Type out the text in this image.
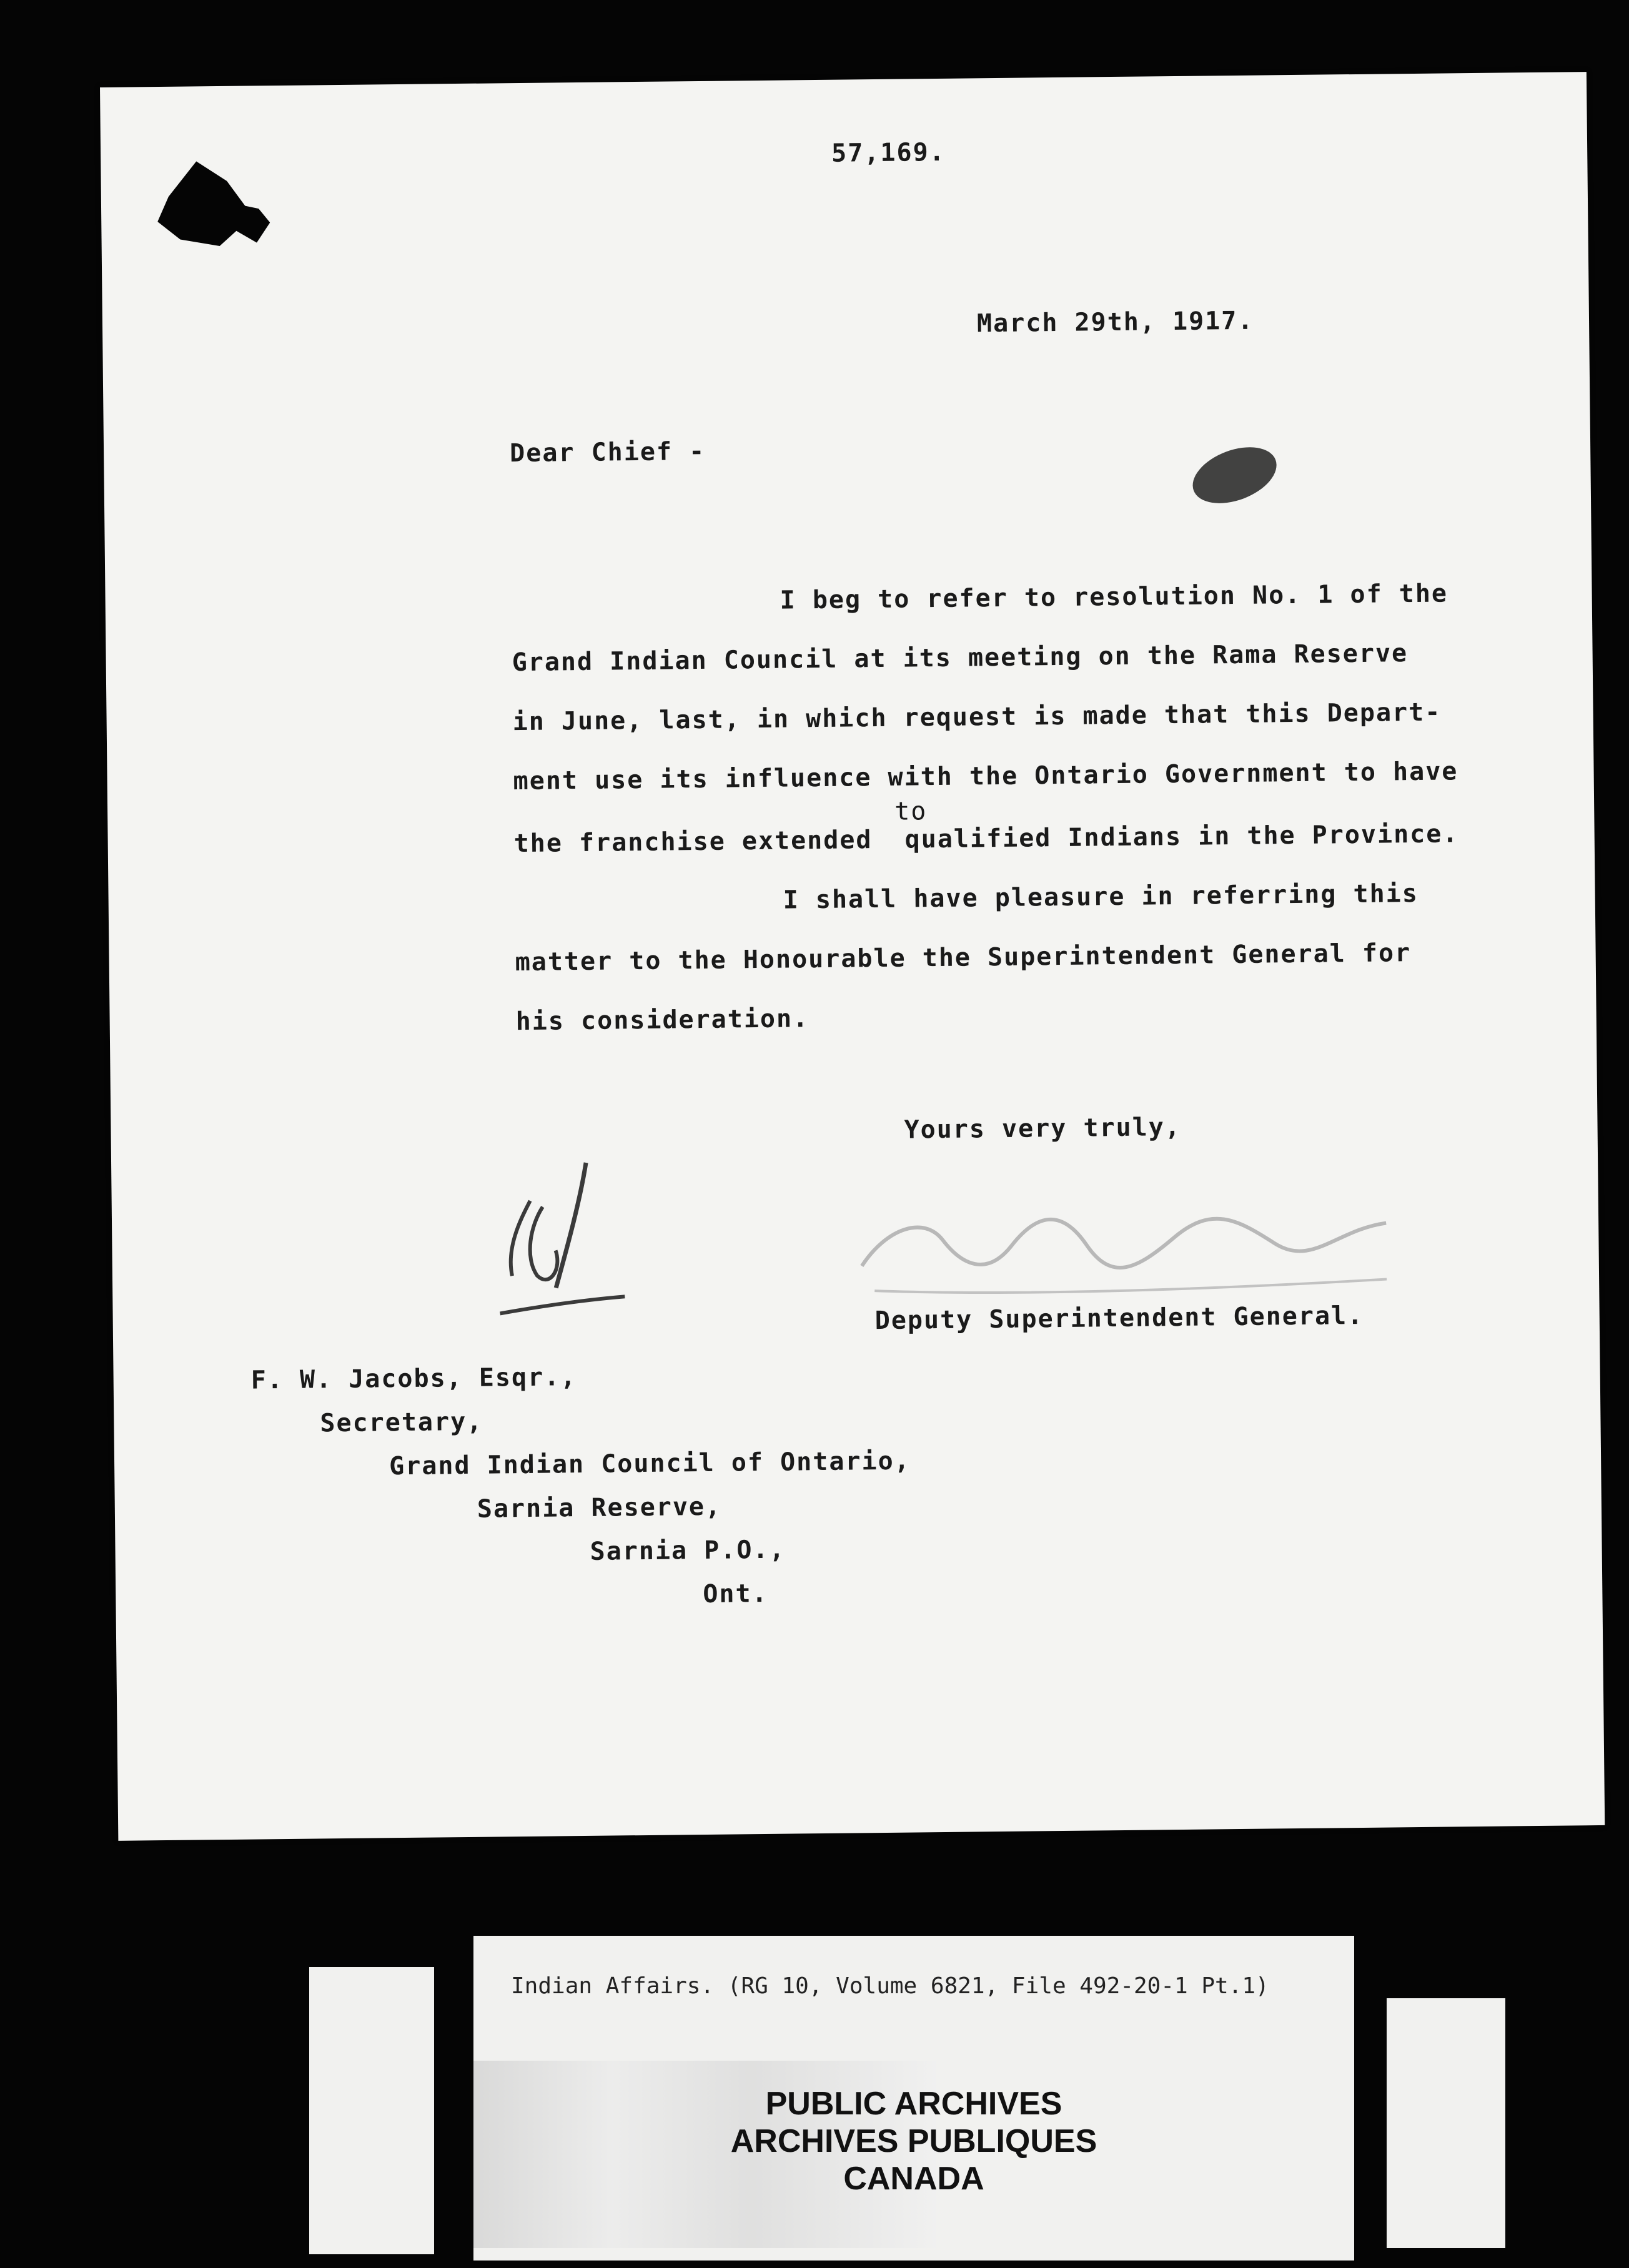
57,169.
March 29th, 1917.
Dear Chief -
I beg to refer to resolution No. 1 of the
Grand Indian Council at its meeting on the Rama Reserve
in June, last, in which request is made that this Depart-
ment use its influence with the Ontario Government to have
to
the franchise extended  qualified Indians in the Province.
I shall have pleasure in referring this
matter to the Honourable the Superintendent General for
his consideration.
Yours very truly,
Deputy Superintendent General.
F. W. Jacobs, Esqr.,
Secretary,
Grand Indian Council of Ontario,
Sarnia Reserve,
Sarnia P.O.,
Ont.
Indian Affairs. (RG 10, Volume 6821, File 492-20-1 Pt.1)
PUBLIC ARCHIVES
ARCHIVES PUBLIQUES
CANADA
